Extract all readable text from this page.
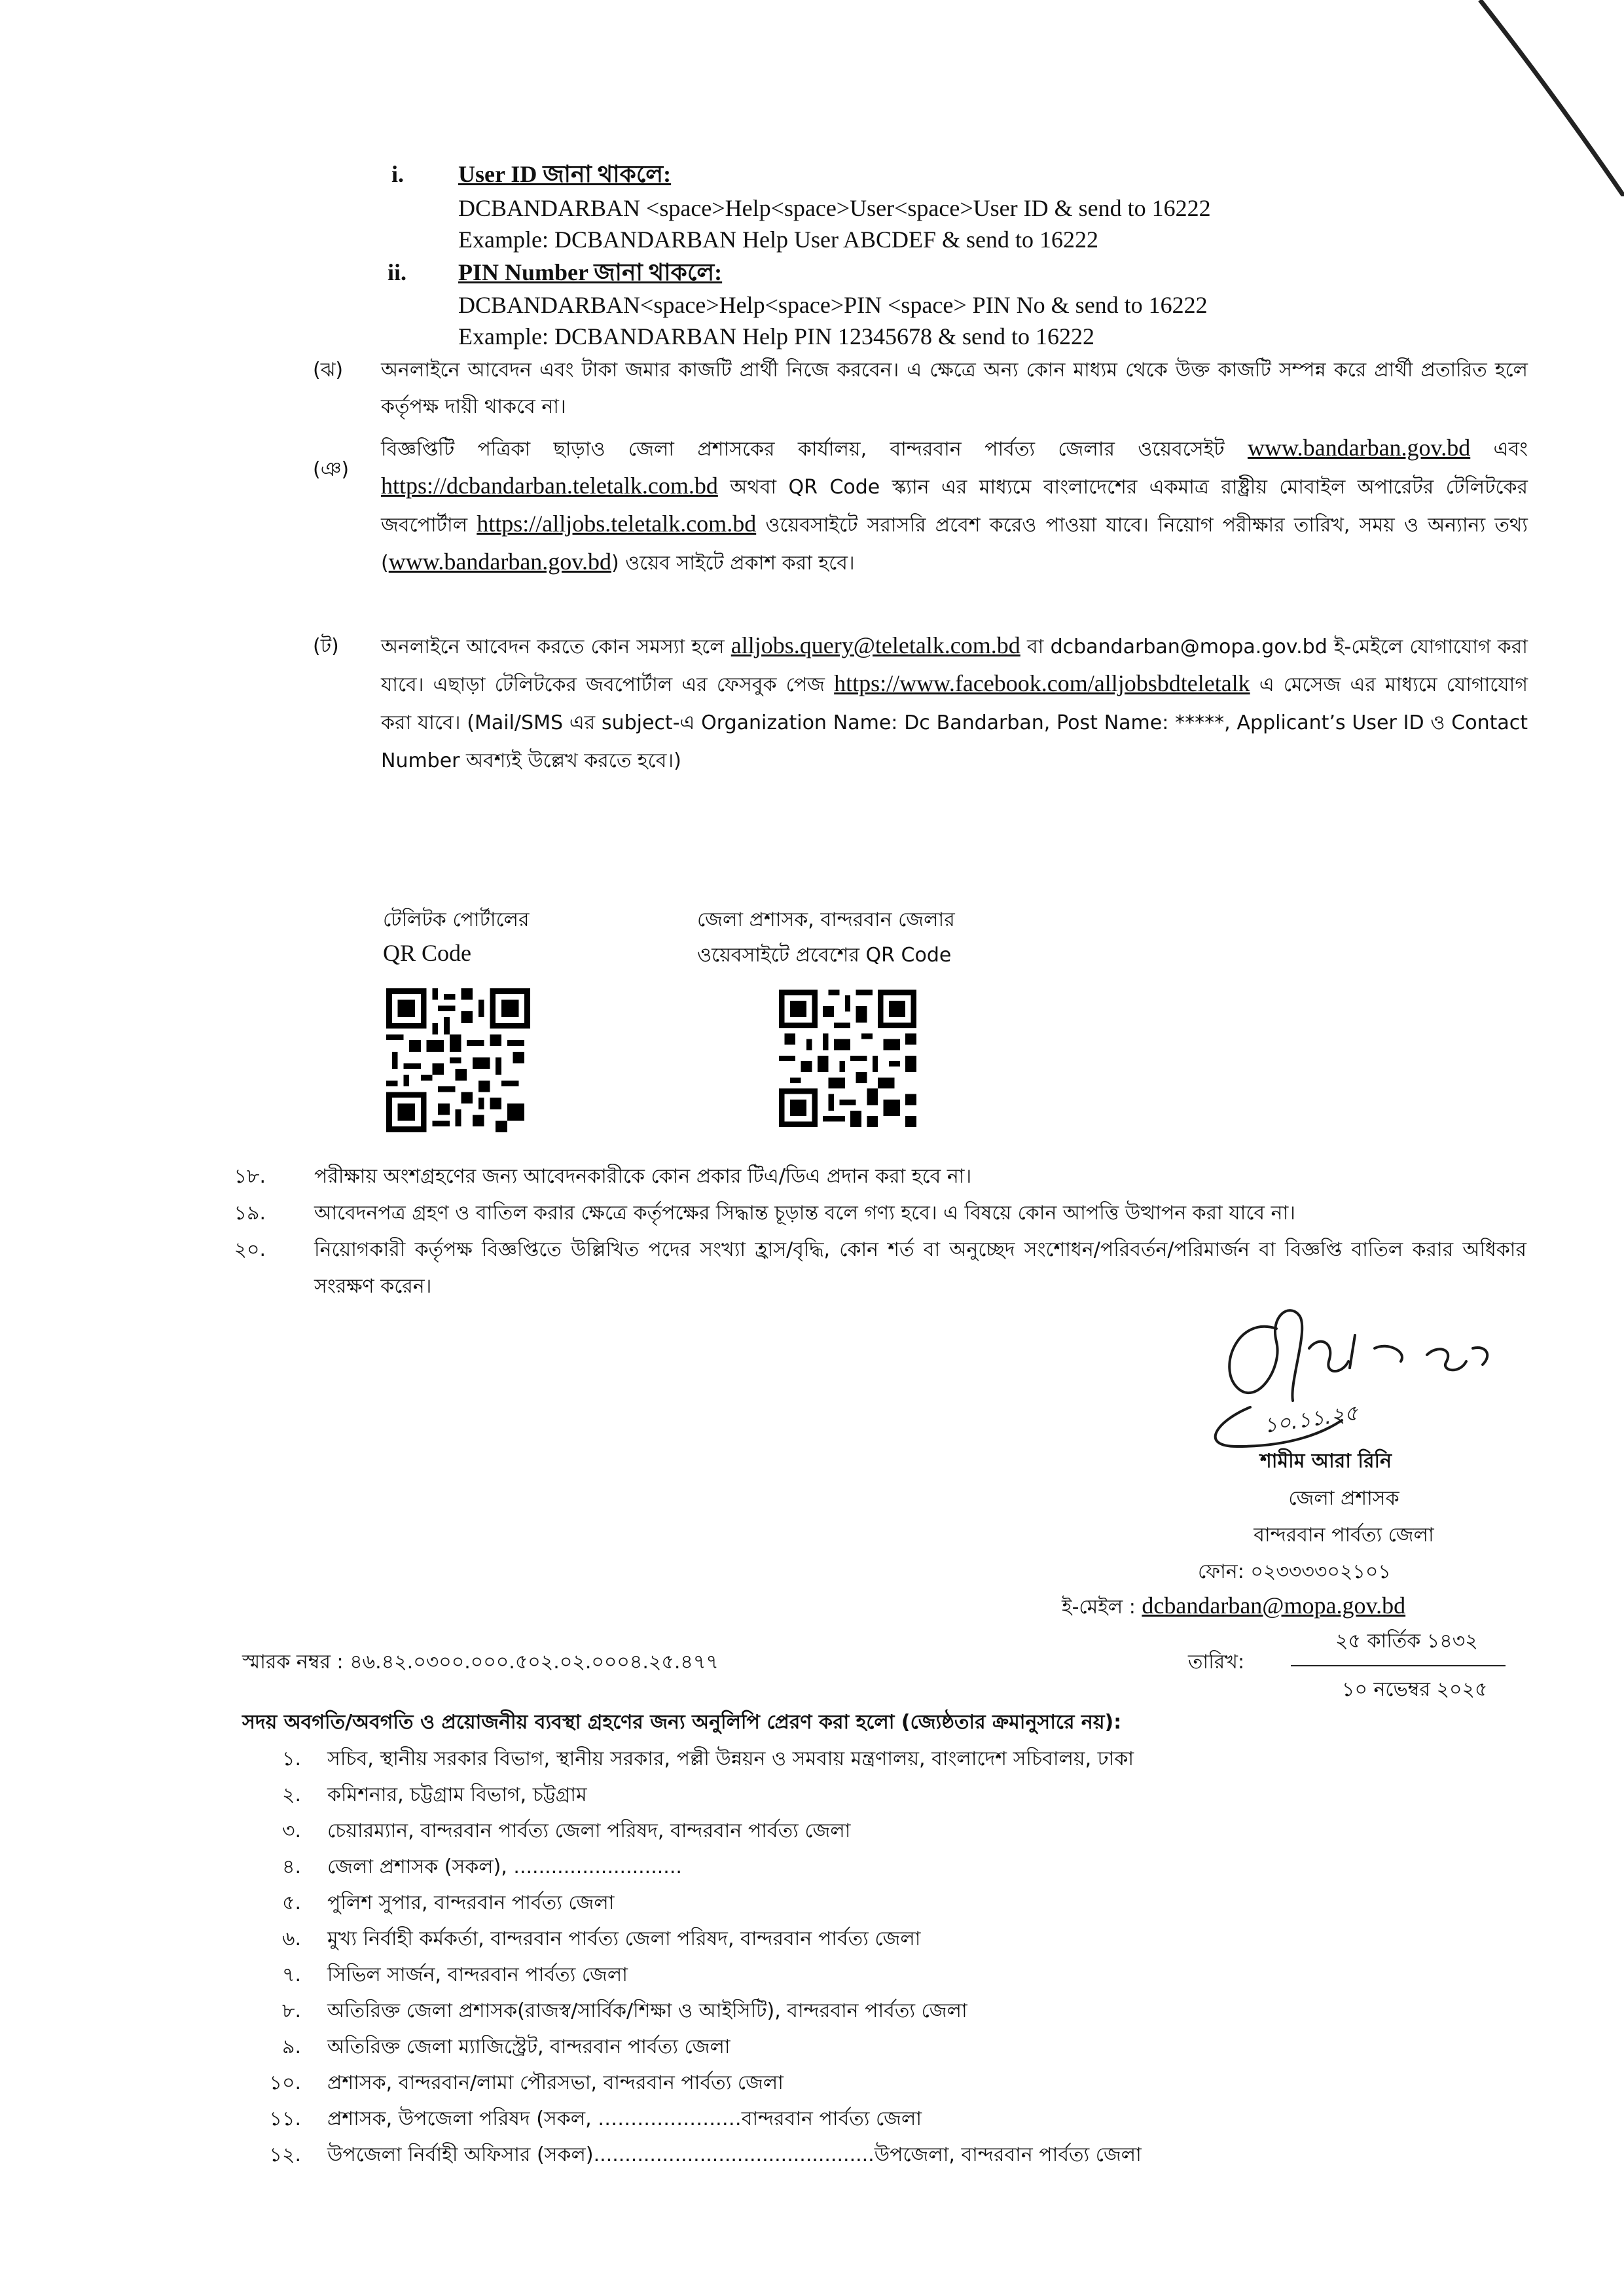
i. User ID জানা থাকলে:
DCBANDARBAN <space>Help<space>User<space>User ID & send to 16222
Example: DCBANDARBAN Help User ABCDEF & send to 16222
ii. PIN Number জানা থাকলে:
DCBANDARBAN<space>Help<space>PIN <space> PIN No & send to 16222
Example: DCBANDARBAN Help PIN 12345678 & send to 16222
(ঝ) অনলাইনে আবেদন এবং টাকা জমার কাজটি প্রার্থী নিজে করবেন। এ ক্ষেত্রে অন্য কোন মাধ্যম থেকে উক্ত কাজটি সম্পন্ন করে প্রার্থী প্রতারিত হলে কর্তৃপক্ষ দায়ী থাকবে না।
(ঞ)
বিজ্ঞপ্তিটি পত্রিকা ছাড়াও জেলা প্রশাসকের কার্যালয়, বান্দরবান পার্বত্য জেলার ওয়েবসেইট www.bandarban.gov.bd এবং https://dcbandarban.teletalk.com.bd অথবা QR Code স্ক্যান এর মাধ্যমে বাংলাদেশের একমাত্র রাষ্ট্রীয় মোবাইল অপারেটর টেলিটকের জবপোর্টাল https://alljobs.teletalk.com.bd ওয়েবসাইটে সরাসরি প্রবেশ করেও পাওয়া যাবে। নিয়োগ পরীক্ষার তারিখ, সময় ও অন্যান্য তথ্য (www.bandarban.gov.bd) ওয়েব সাইটে প্রকাশ করা হবে।
(ট) অনলাইনে আবেদন করতে কোন সমস্যা হলে alljobs.query@teletalk.com.bd বা dcbandarban@mopa.gov.bd ই-মেইলে যোগাযোগ করা যাবে। এছাড়া টেলিটকের জবপোর্টাল এর ফেসবুক পেজ https://www.facebook.com/alljobsbdteletalk এ মেসেজ এর মাধ্যমে যোগাযোগ করা যাবে। (Mail/SMS এর subject-এ Organization Name: Dc Bandarban, Post Name: *****, Applicant’s User ID ও Contact Number অবশ্যই উল্লেখ করতে হবে।)
টেলিটক পোর্টালের
QR Code
জেলা প্রশাসক, বান্দরবান জেলার
ওয়েবসাইটে প্রবেশের QR Code
১৮. পরীক্ষায় অংশগ্রহণের জন্য আবেদনকারীকে কোন প্রকার টিএ/ডিএ প্রদান করা হবে না।
১৯. আবেদনপত্র গ্রহণ ও বাতিল করার ক্ষেত্রে কর্তৃপক্ষের সিদ্ধান্ত চূড়ান্ত বলে গণ্য হবে। এ বিষয়ে কোন আপত্তি উত্থাপন করা যাবে না।
২০. নিয়োগকারী কর্তৃপক্ষ বিজ্ঞপ্তিতে উল্লিখিত পদের সংখ্যা হ্রাস/বৃদ্ধি, কোন শর্ত বা অনুচ্ছেদ সংশোধন/পরিবর্তন/পরিমার্জন বা বিজ্ঞপ্তি বাতিল করার অধিকার সংরক্ষণ করেন।
১০.১১.২৫
শামীম আরা রিনি
জেলা প্রশাসক
বান্দরবান পার্বত্য জেলা
ফোন: ০২৩৩৩৩০২১০১
ই-মেইল : dcbandarban@mopa.gov.bd
স্মারক নম্বর : ৪৬.৪২.০৩০০.০০০.৫০২.০২.০০০৪.২৫.৪৭৭	তারিখ:
২৫ কার্তিক ১৪৩২
১০ নভেম্বর ২০২৫
সদয় অবগতি/অবগতি ও প্রয়োজনীয় ব্যবস্থা গ্রহণের জন্য অনুলিপি প্রেরণ করা হলো (জ্যেষ্ঠতার ক্রমানুসারে নয়):
১. সচিব, স্থানীয় সরকার বিভাগ, স্থানীয় সরকার, পল্লী উন্নয়ন ও সমবায় মন্ত্রণালয়, বাংলাদেশ সচিবালয়, ঢাকা
২. কমিশনার, চট্টগ্রাম বিভাগ, চট্টগ্রাম
৩. চেয়ারম্যান, বান্দরবান পার্বত্য জেলা পরিষদ, বান্দরবান পার্বত্য জেলা
৪. জেলা প্রশাসক (সকল), ...........................
৫. পুলিশ সুপার, বান্দরবান পার্বত্য জেলা
৬. মুখ্য নির্বাহী কর্মকর্তা, বান্দরবান পার্বত্য জেলা পরিষদ, বান্দরবান পার্বত্য জেলা
৭. সিভিল সার্জন, বান্দরবান পার্বত্য জেলা
৮. অতিরিক্ত জেলা প্রশাসক(রাজস্ব/সার্বিক/শিক্ষা ও আইসিটি), বান্দরবান পার্বত্য জেলা
৯. অতিরিক্ত জেলা ম্যাজিস্ট্রেট, বান্দরবান পার্বত্য জেলা
১০. প্রশাসক, বান্দরবান/লামা পৌরসভা, বান্দরবান পার্বত্য জেলা
১১. প্রশাসক, উপজেলা পরিষদ (সকল, ……………….…বান্দরবান পার্বত্য জেলা
১২. উপজেলা নির্বাহী অফিসার (সকল).............................................উপজেলা, বান্দরবান পার্বত্য জেলা
